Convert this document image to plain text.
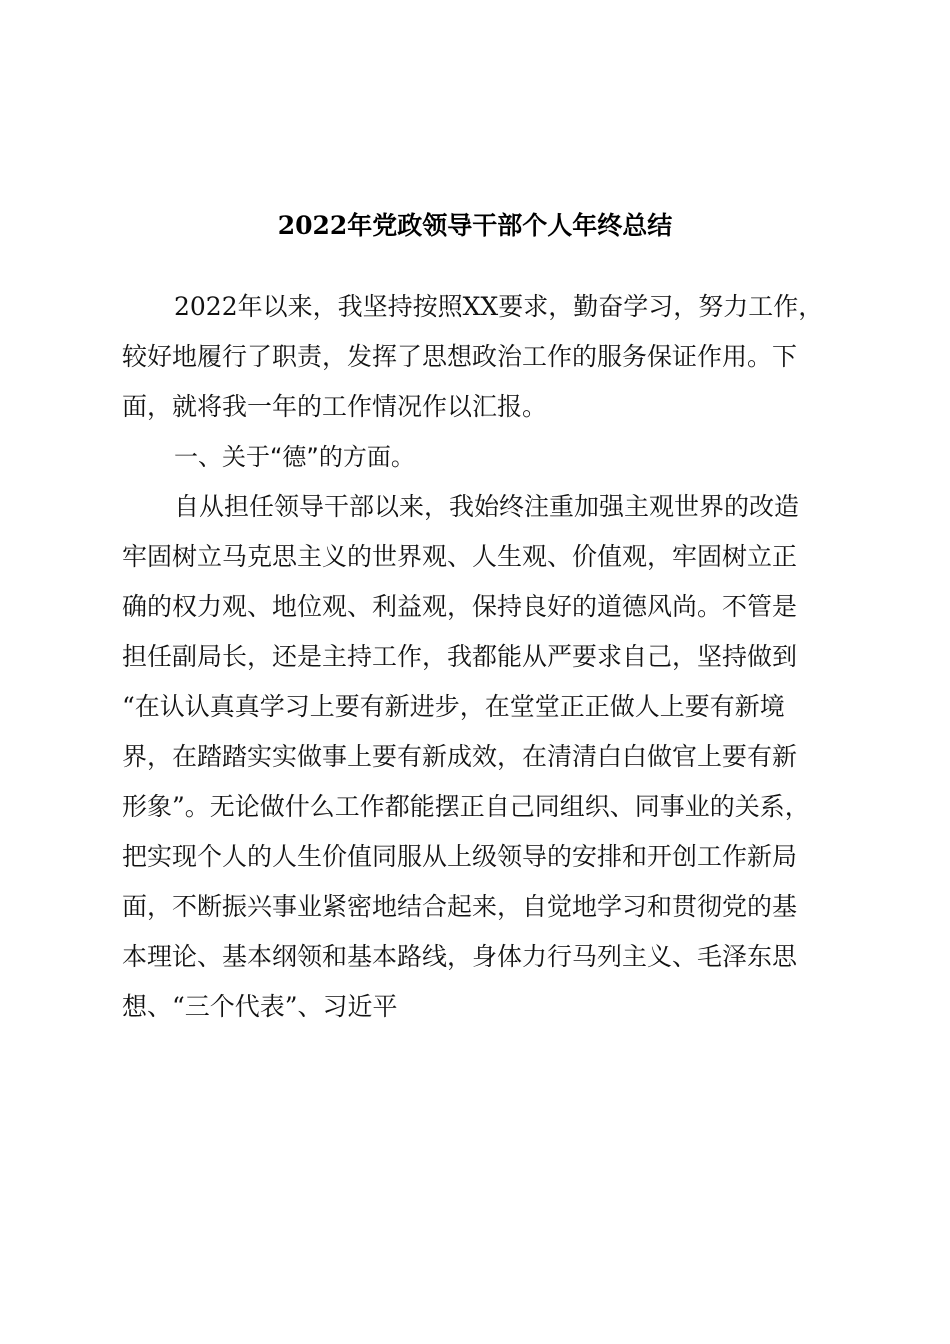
2022年党政领导干部个人年终总结

2022年以来，我坚持按照XX要求，勤奋学习，努力工作，
较好地履行了职责，发挥了思想政治工作的服务保证作用。下
面，就将我一年的工作情况作以汇报。

一、关于“德”的方面。

自从担任领导干部以来，我始终注重加强主观世界的改造
牢固树立马克思主义的世界观、人生观、价值观，牢固树立正
确的权力观、地位观、利益观，保持良好的道德风尚。不管是
担任副局长，还是主持工作，我都能从严要求自己，坚持做到
“在认认真真学习上要有新进步，在堂堂正正做人上要有新境
界，在踏踏实实做事上要有新成效，在清清白白做官上要有新
形象”。无论做什么工作都能摆正自己同组织、同事业的关系，
把实现个人的人生价值同服从上级领导的安排和开创工作新局
面，不断振兴事业紧密地结合起来，自觉地学习和贯彻党的基
本理论、基本纲领和基本路线，身体力行马列主义、毛泽东思
想、“三个代表”、习近平
